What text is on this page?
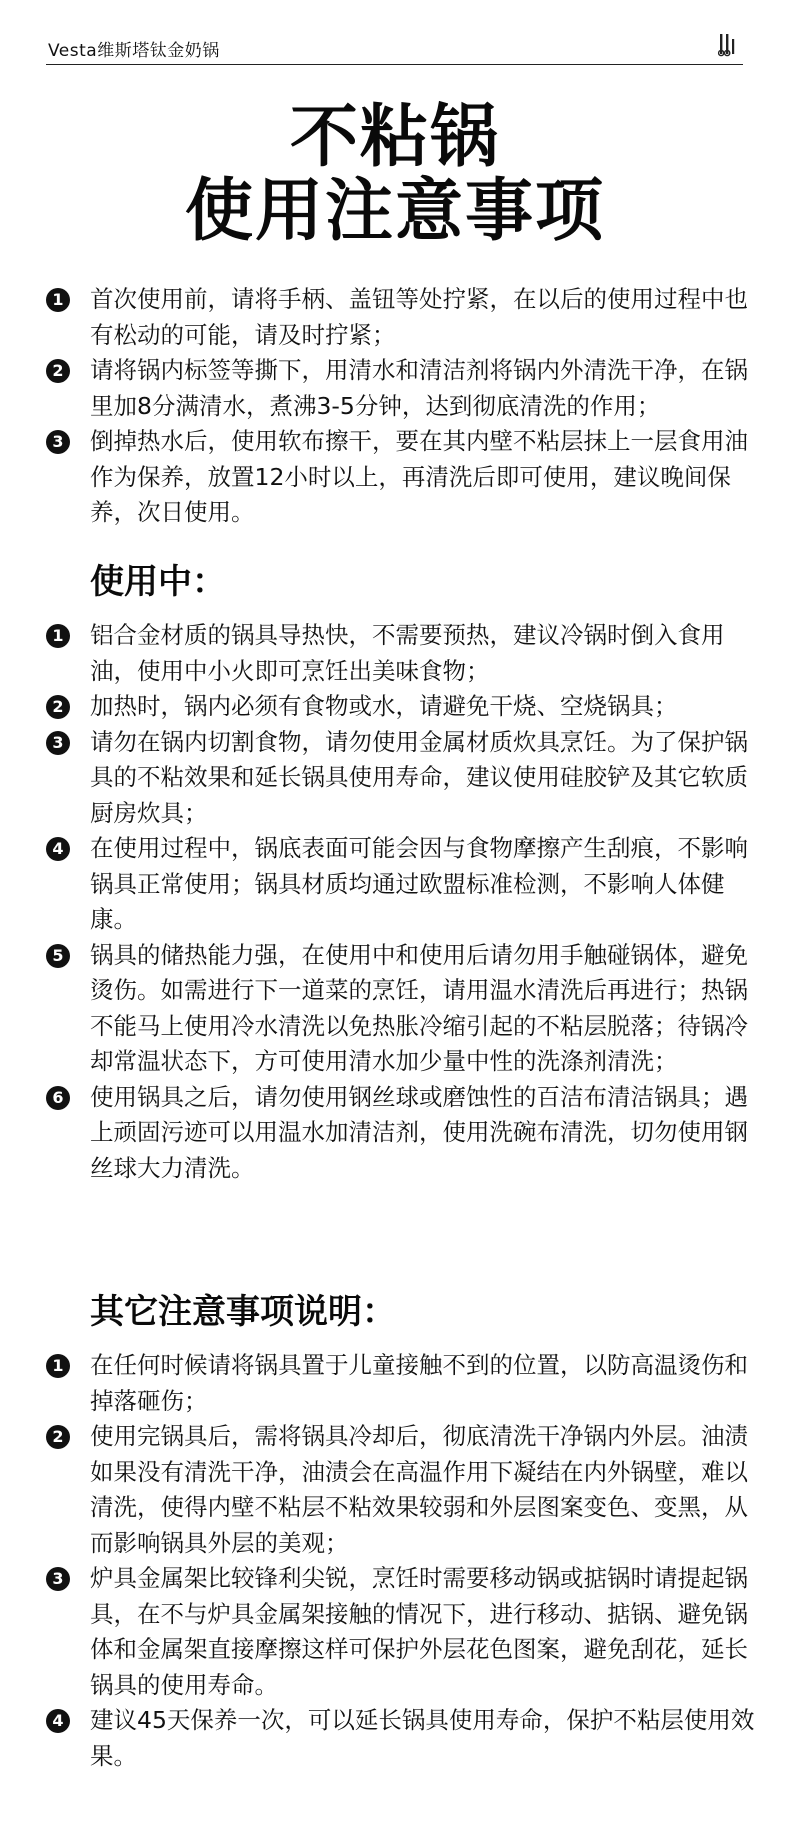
Vesta维斯塔钛金奶锅
不粘锅
使用注意事项
1 首次使用前，请将手柄、盖钮等处拧紧，在以后的使用过程中也有松动的可能，请及时拧紧；
2 请将锅内标签等撕下，用清水和清洁剂将锅内外清洗干净，在锅里加8分满清水，煮沸3-5分钟，达到彻底清洗的作用；
3 倒掉热水后，使用软布擦干，要在其内壁不粘层抹上一层食用油作为保养，放置12小时以上，再清洗后即可使用，建议晚间保养，次日使用。
使用中：
1 铝合金材质的锅具导热快，不需要预热，建议冷锅时倒入食用油，使用中小火即可烹饪出美味食物；
2 加热时，锅内必须有食物或水，请避免干烧、空烧锅具；
3 请勿在锅内切割食物，请勿使用金属材质炊具烹饪。为了保护锅具的不粘效果和延长锅具使用寿命，建议使用硅胶铲及其它软质厨房炊具；
4 在使用过程中，锅底表面可能会因与食物摩擦产生刮痕，不影响锅具正常使用；锅具材质均通过欧盟标准检测，不影响人体健康。
5 锅具的储热能力强，在使用中和使用后请勿用手触碰锅体，避免烫伤。如需进行下一道菜的烹饪，请用温水清洗后再进行；热锅不能马上使用冷水清洗以免热胀冷缩引起的不粘层脱落；待锅冷却常温状态下，方可使用清水加少量中性的洗涤剂清洗；
6 使用锅具之后，请勿使用钢丝球或磨蚀性的百洁布清洁锅具；遇上顽固污迹可以用温水加清洁剂，使用洗碗布清洗，切勿使用钢丝球大力清洗。
其它注意事项说明：
1 在任何时候请将锅具置于儿童接触不到的位置，以防高温烫伤和掉落砸伤；
2 使用完锅具后，需将锅具冷却后，彻底清洗干净锅内外层。油渍如果没有清洗干净，油渍会在高温作用下凝结在内外锅壁，难以清洗，使得内壁不粘层不粘效果较弱和外层图案变色、变黑，从而影响锅具外层的美观；
3 炉具金属架比较锋利尖锐，烹饪时需要移动锅或掂锅时请提起锅具，在不与炉具金属架接触的情况下，进行移动、掂锅、避免锅体和金属架直接摩擦这样可保护外层花色图案，避免刮花，延长锅具的使用寿命。
4 建议45天保养一次，可以延长锅具使用寿命，保护不粘层使用效果。
